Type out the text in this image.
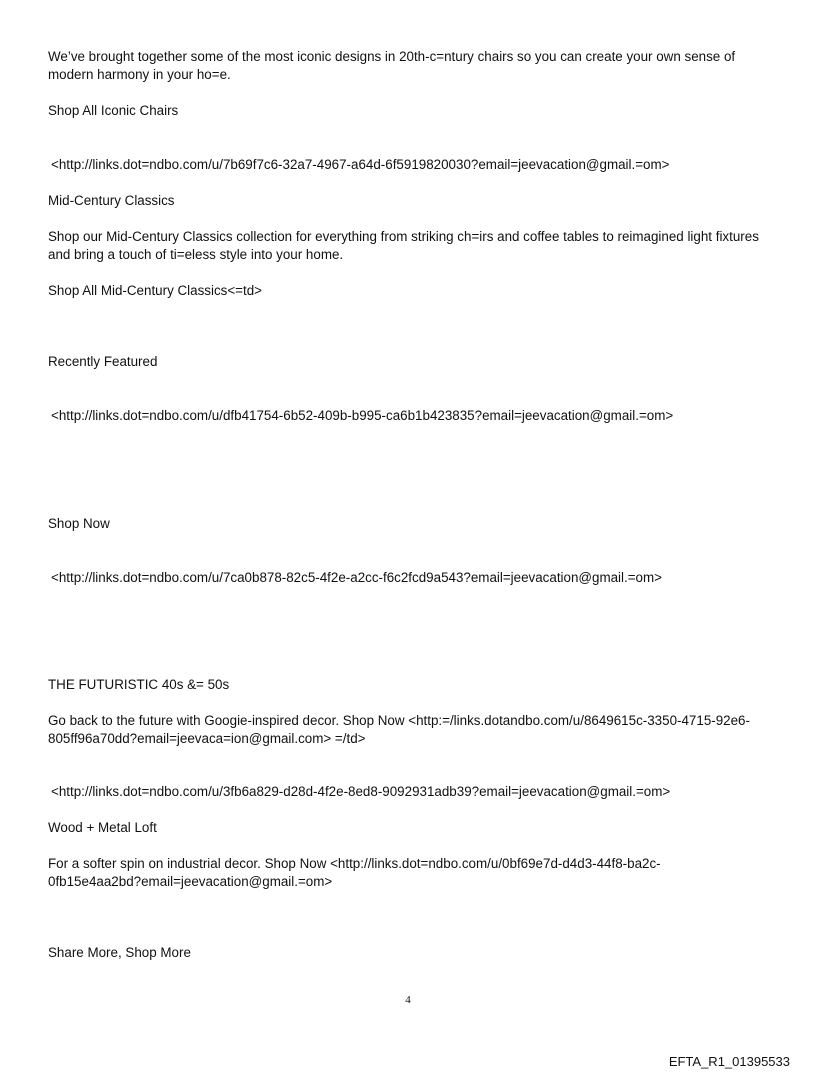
We’ve brought together some of the most iconic designs in 20th-c=ntury chairs so you can create your own sense of
modern harmony in your ho=e.
Shop All Iconic Chairs
<http://links.dot=ndbo.com/u/7b69f7c6-32a7-4967-a64d-6f5919820030?email=jeevacation@gmail.=om>
Mid-Century Classics
Shop our Mid-Century Classics collection for everything from striking ch=irs and coffee tables to reimagined light fixtures
and bring a touch of ti=eless style into your home.
Shop All Mid-Century Classics<=td>
Recently Featured
<http://links.dot=ndbo.com/u/dfb41754-6b52-409b-b995-ca6b1b423835?email=jeevacation@gmail.=om>
Shop Now
<http://links.dot=ndbo.com/u/7ca0b878-82c5-4f2e-a2cc-f6c2fcd9a543?email=jeevacation@gmail.=om>
THE FUTURISTIC 40s &= 50s
Go back to the future with Googie-inspired decor. Shop Now <http:=/links.dotandbo.com/u/8649615c-3350-4715-92e6-
805ff96a70dd?email=jeevaca=ion@gmail.com> =/td>
<http://links.dot=ndbo.com/u/3fb6a829-d28d-4f2e-8ed8-9092931adb39?email=jeevacation@gmail.=om>
Wood + Metal Loft
For a softer spin on industrial decor. Shop Now <http://links.dot=ndbo.com/u/0bf69e7d-d4d3-44f8-ba2c-
0fb15e4aa2bd?email=jeevacation@gmail.=om>
Share More, Shop More
4
EFTA_R1_01395533
